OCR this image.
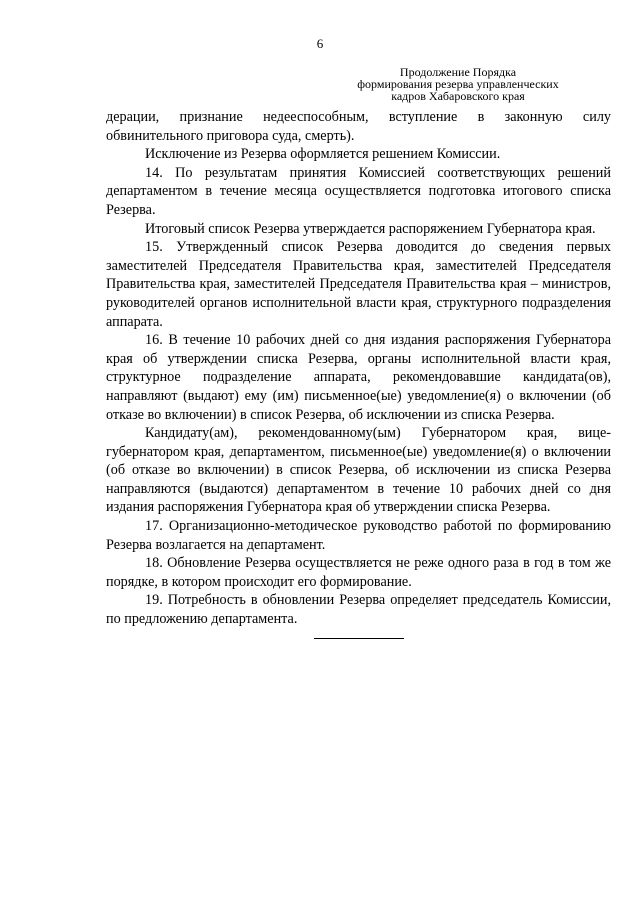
6
Продолжение Порядка
формирования резерва управленческих
кадров Хабаровского края

дерации, признание недееспособным, вступление в законную силу обвинительного приговора суда, смерть).

Исключение из Резерва оформляется решением Комиссии.

14. По результатам принятия Комиссией соответствующих решений департаментом в течение месяца осуществляется подготовка итогового списка Резерва.

Итоговый список Резерва утверждается распоряжением Губернатора края.

15. Утвержденный список Резерва доводится до сведения первых заместителей Председателя Правительства края, заместителей Председателя Правительства края, заместителей Председателя Правительства края – министров, руководителей органов исполнительной власти края, структурного подразделения аппарата.

16. В течение 10 рабочих дней со дня издания распоряжения Губернатора края об утверждении списка Резерва, органы исполнительной власти края, структурное подразделение аппарата, рекомендовавшие кандидата(ов), направляют (выдают) ему (им) письменное(ые) уведомление(я) о включении (об отказе во включении) в список Резерва, об исключении из списка Резерва.

Кандидату(ам), рекомендованному(ым) Губернатором края, вице-губернатором края, департаментом, письменное(ые) уведомление(я) о включении (об отказе во включении) в список Резерва, об исключении из списка Резерва направляются (выдаются) департаментом в течение 10 рабочих дней со дня издания распоряжения Губернатора края об утверждении списка Резерва.

17. Организационно-методическое руководство работой по формированию Резерва возлагается на департамент.

18. Обновление Резерва осуществляется не реже одного раза в год в том же порядке, в котором происходит его формирование.

19. Потребность в обновлении Резерва определяет председатель Комиссии, по предложению департамента.
